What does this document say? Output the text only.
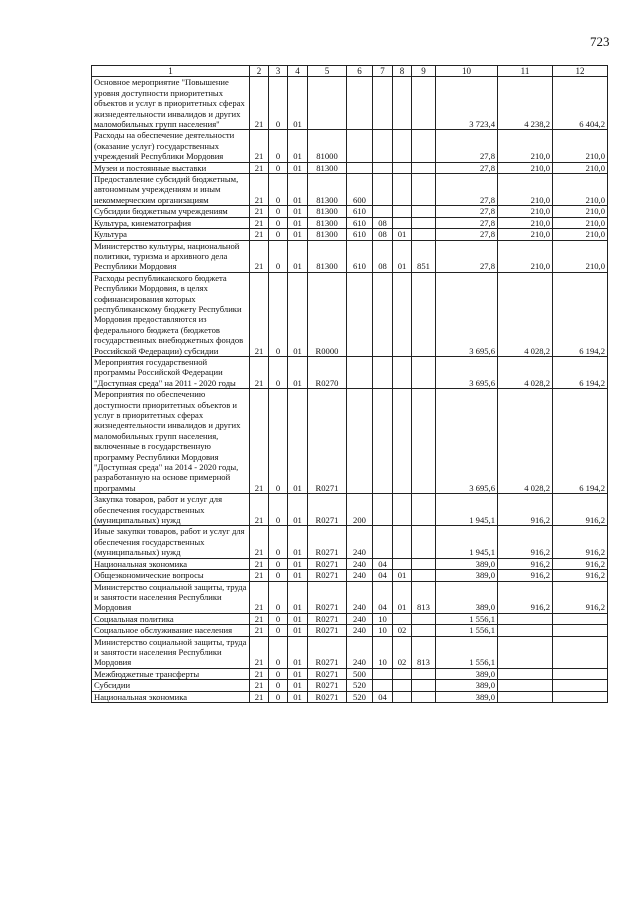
723
1	2	3	4	5	6	7	8	9	10	11	12
Основное мероприятие "Повышение уровня доступности приоритетных объектов и услуг в приоритетных сферах жизнедеятельности инвалидов и других маломобильных групп населения"	21	0	01						3 723,4	4 238,2	6 404,2
Расходы на обеспечение деятельности (оказание услуг) государственных учреждений Республики Мордовия	21	0	01	81000					27,8	210,0	210,0
Музеи и постоянные выставки	21	0	01	81300					27,8	210,0	210,0
Предоставление субсидий бюджетным, автономным учреждениям и иным некоммерческим организациям	21	0	01	81300	600				27,8	210,0	210,0
Субсидии бюджетным учреждениям	21	0	01	81300	610				27,8	210,0	210,0
Культура, кинематография	21	0	01	81300	610	08			27,8	210,0	210,0
Культура	21	0	01	81300	610	08	01		27,8	210,0	210,0
Министерство культуры, национальной политики, туризма и архивного дела Республики Мордовия	21	0	01	81300	610	08	01	851	27,8	210,0	210,0
Расходы республиканского бюджета Республики Мордовия, в целях софинансирования которых республиканскому бюджету Республики Мордовия предоставляются из федерального бюджета (бюджетов государственных внебюджетных фондов Российской Федерации) субсидии	21	0	01	R0000					3 695,6	4 028,2	6 194,2
Мероприятия государственной программы Российской Федерации "Доступная среда" на 2011 - 2020 годы	21	0	01	R0270					3 695,6	4 028,2	6 194,2
Мероприятия по обеспечению доступности приоритетных объектов и услуг в приоритетных сферах жизнедеятельности инвалидов и других маломобильных групп населения, включенные в государственную программу Республики Мордовия "Доступная среда" на 2014 - 2020 годы, разработанную на основе примерной программы	21	0	01	R0271					3 695,6	4 028,2	6 194,2
Закупка товаров, работ и услуг для обеспечения государственных (муниципальных) нужд	21	0	01	R0271	200				1 945,1	916,2	916,2
Иные закупки товаров, работ и услуг для обеспечения государственных (муниципальных) нужд	21	0	01	R0271	240				1 945,1	916,2	916,2
Национальная экономика	21	0	01	R0271	240	04			389,0	916,2	916,2
Общеэкономические вопросы	21	0	01	R0271	240	04	01		389,0	916,2	916,2
Министерство социальной защиты, труда и занятости населения Республики Мордовия	21	0	01	R0271	240	04	01	813	389,0	916,2	916,2
Социальная политика	21	0	01	R0271	240	10			1 556,1		
Социальное обслуживание населения	21	0	01	R0271	240	10	02		1 556,1		
Министерство социальной защиты, труда и занятости населения Республики Мордовия	21	0	01	R0271	240	10	02	813	1 556,1		
Межбюджетные трансферты	21	0	01	R0271	500				389,0		
Субсидии	21	0	01	R0271	520				389,0		
Национальная экономика	21	0	01	R0271	520	04			389,0		
